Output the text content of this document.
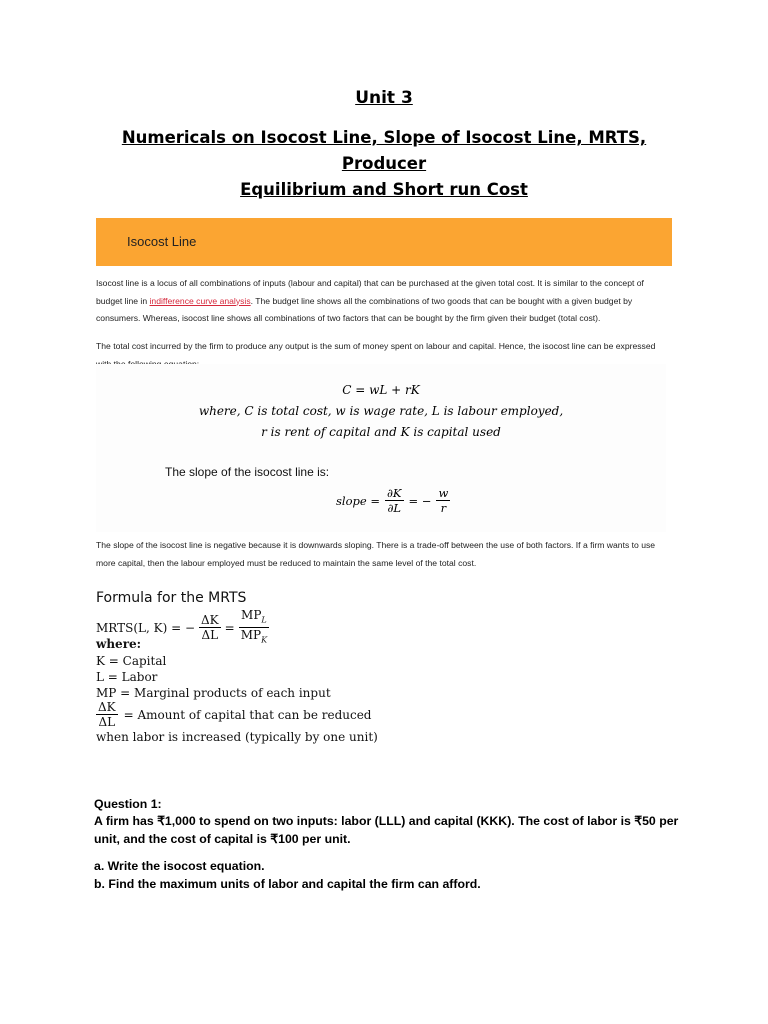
Unit 3
Numericals on Isocost Line, Slope of Isocost Line, MRTS, Producer
Equilibrium and Short run Cost
Isocost Line
Isocost line is a locus of all combinations of inputs (labour and capital) that can be purchased at the given total cost. It is similar to the concept of budget line in indifference curve analysis. The budget line shows all the combinations of two goods that can be bought with a given budget by consumers. Whereas, isocost line shows all combinations of two factors that can be bought by the firm given their budget (total cost).
The total cost incurred by the firm to produce any output is the sum of money spent on labour and capital. Hence, the isocost line can be expressed
C = wL + rK
where, C is total cost, w is wage rate, L is labour employed,
r is rent of capital and K is capital used
The slope of the isocost line is:
slope = $\frac{\partial K}{\partial L}$ = − $\frac{w}{r}$
The slope of the isocost line is negative because it is downwards sloping. There is a trade-off between the use of both factors. If a firm wants to use more capital, then the labour employed must be reduced to maintain the same level of the total cost.
Formula for the MRTS
MRTS(L, K) = − $\frac{\Delta K}{\Delta L} = \frac{MP_L}{MP_K}$
where:
K = Capital
L = Labor
MP = Marginal products of each input
$\frac{\Delta K}{\Delta L}$ = Amount of capital that can be reduced
when labor is increased (typically by one unit)
Question 1:
A firm has ₹1,000 to spend on two inputs: labor (LLL) and capital (KKK). The cost of labor is ₹50 per unit, and the cost of capital is ₹100 per unit.
a. Write the isocost equation.
b. Find the maximum units of labor and capital the firm can afford.
